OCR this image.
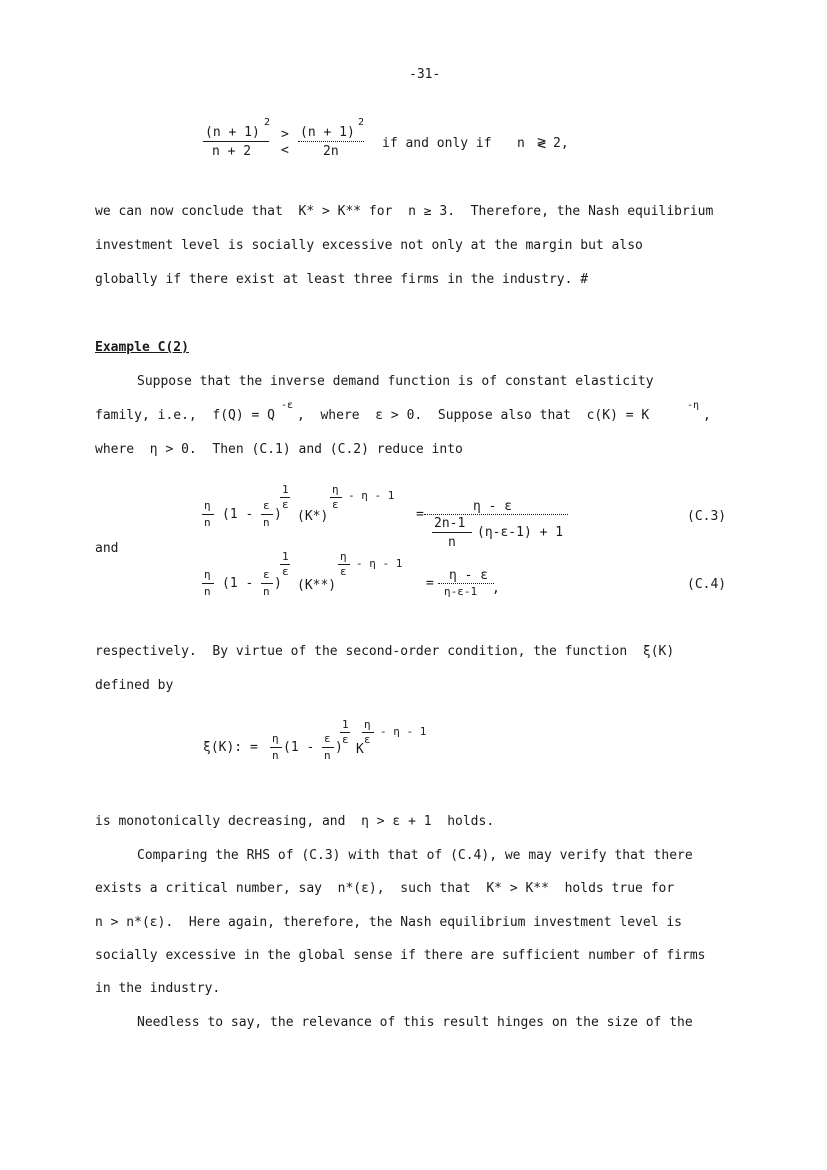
-31-
(n + 1)
2
n + 2
>
<
(n + 1)
2
2n
if and only if n ≷ 2,
we can now conclude that  K* > K** for  n ≥ 3.  Therefore, the Nash equilibrium
investment level is socially excessive not only at the margin but also
globally if there exist at least three firms in the industry. #
Example C(2)
Suppose that the inverse demand function is of constant elasticity
family, i.e.,  f(Q) = Q
-ε
,  where  ε > 0.  Suppose also that  c(K) = K
-η
,
where  η > 0.  Then (C.1) and (C.2) reduce into
η
n
(1 -
ε
n
)
1
ε
(K*)
η
ε
- η - 1
=
η - ε
2n-1
n
(η-ε-1) + 1
(C.3)
and
η
n
(1 -
ε
n
)
1
ε
(K**)
η
ε
- η - 1
=
η - ε
η-ε-1 ,	(C.4)
respectively.  By virtue of the second-order condition, the function  ξ(K)
defined by
ξ(K): =
η
n
(1 -
ε
n
)
1
ε
K
η
ε
- η - 1
is monotonically decreasing, and  η > ε + 1  holds.
Comparing the RHS of (C.3) with that of (C.4), we may verify that there
exists a critical number, say  n*(ε),  such that  K* > K**  holds true for
n > n*(ε).  Here again, therefore, the Nash equilibrium investment level is
socially excessive in the global sense if there are sufficient number of firms
in the industry.
Needless to say, the relevance of this result hinges on the size of the
